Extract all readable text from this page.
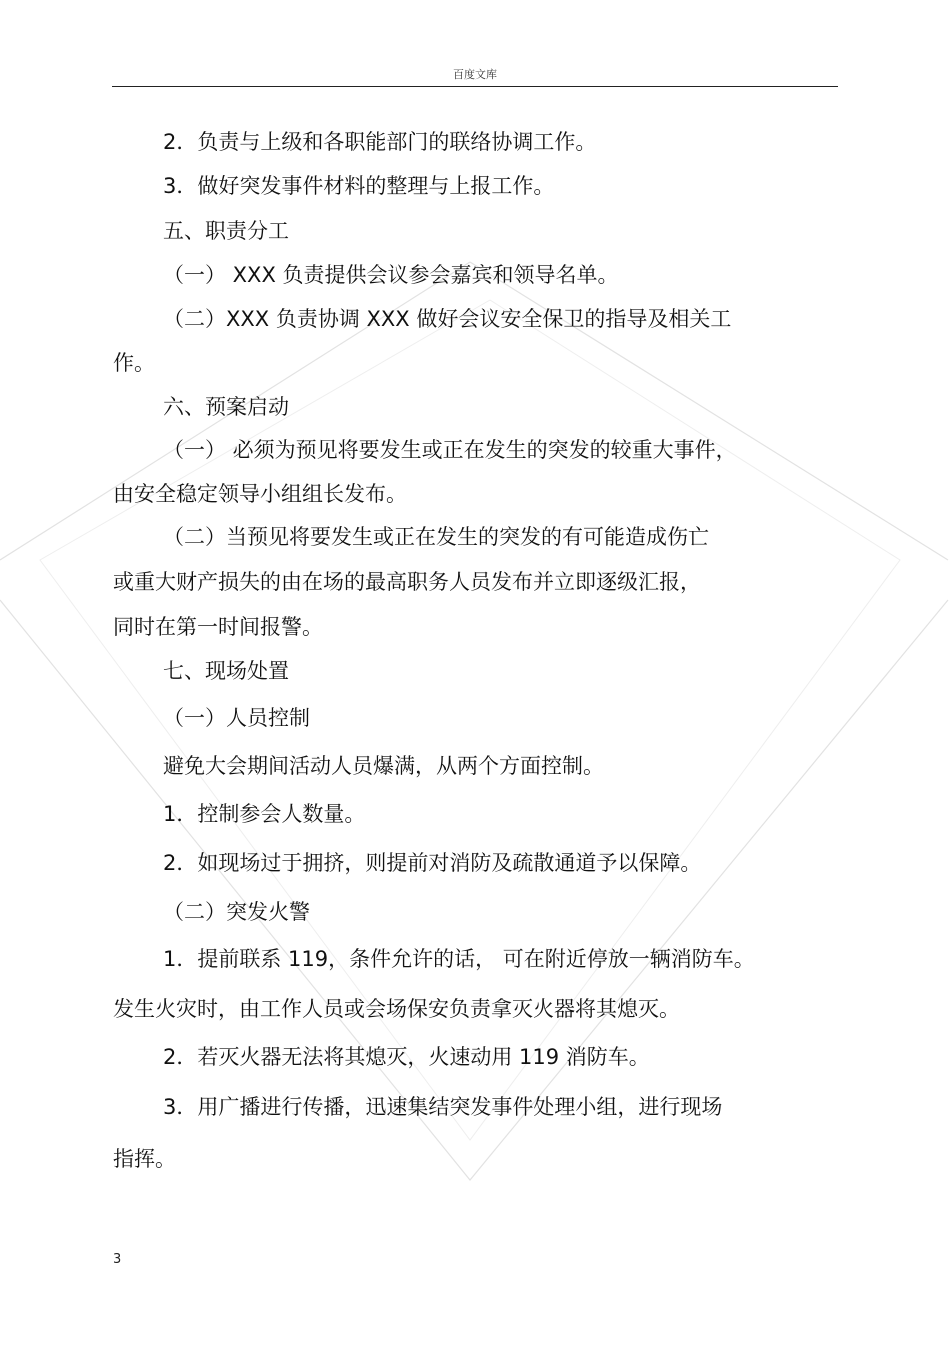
百度文库
2．负责与上级和各职能部门的联络协调工作。
3．做好突发事件材料的整理与上报工作。
五、职责分工
（一） XXX 负责提供会议参会嘉宾和领导名单。
（二）XXX 负责协调 XXX 做好会议安全保卫的指导及相关工
作。
六、预案启动
（一） 必须为预见将要发生或正在发生的突发的较重大事件，
由安全稳定领导小组组长发布。
（二）当预见将要发生或正在发生的突发的有可能造成伤亡
或重大财产损失的由在场的最高职务人员发布并立即逐级汇报，
同时在第一时间报警。
七、现场处置
（一）人员控制
避免大会期间活动人员爆满，从两个方面控制。
1．控制参会人数量。
2．如现场过于拥挤，则提前对消防及疏散通道予以保障。
（二）突发火警
1．提前联系 119，条件允许的话， 可在附近停放一辆消防车。
发生火灾时，由工作人员或会场保安负责拿灭火器将其熄灭。
2．若灭火器无法将其熄灭，火速动用 119 消防车。
3．用广播进行传播，迅速集结突发事件处理小组，进行现场
指挥。
3
